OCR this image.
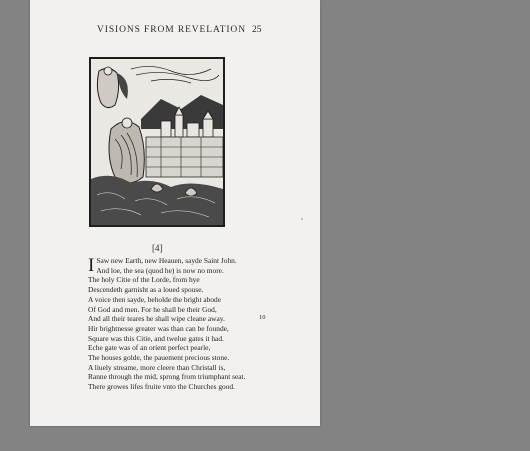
VISIONS FROM REVELATION 25
[4]
I Saw new Earth, new Heauen, sayde Saint John.
And loe, the sea (quod he) is now no more.
The holy Citie of the Lorde, from hye
Descendeth garnisht as a loued spouse.
A voice then sayde, beholde the bright abode
Of God and men. For he shall be their God,
And all their teares he shall wipe cleane away.
Hir brightnesse greater was than can be founde,
Square was this Citie, and twelue gates it had.
Eche gate was of an orient perfect pearle,
The houses golde, the pauement precious stone.
A liuely streame, more cleere than Christall is,
Ranne through the mid, sprong from triumphant seat.
There growes lifes fruite vnto the Churches good.
10
